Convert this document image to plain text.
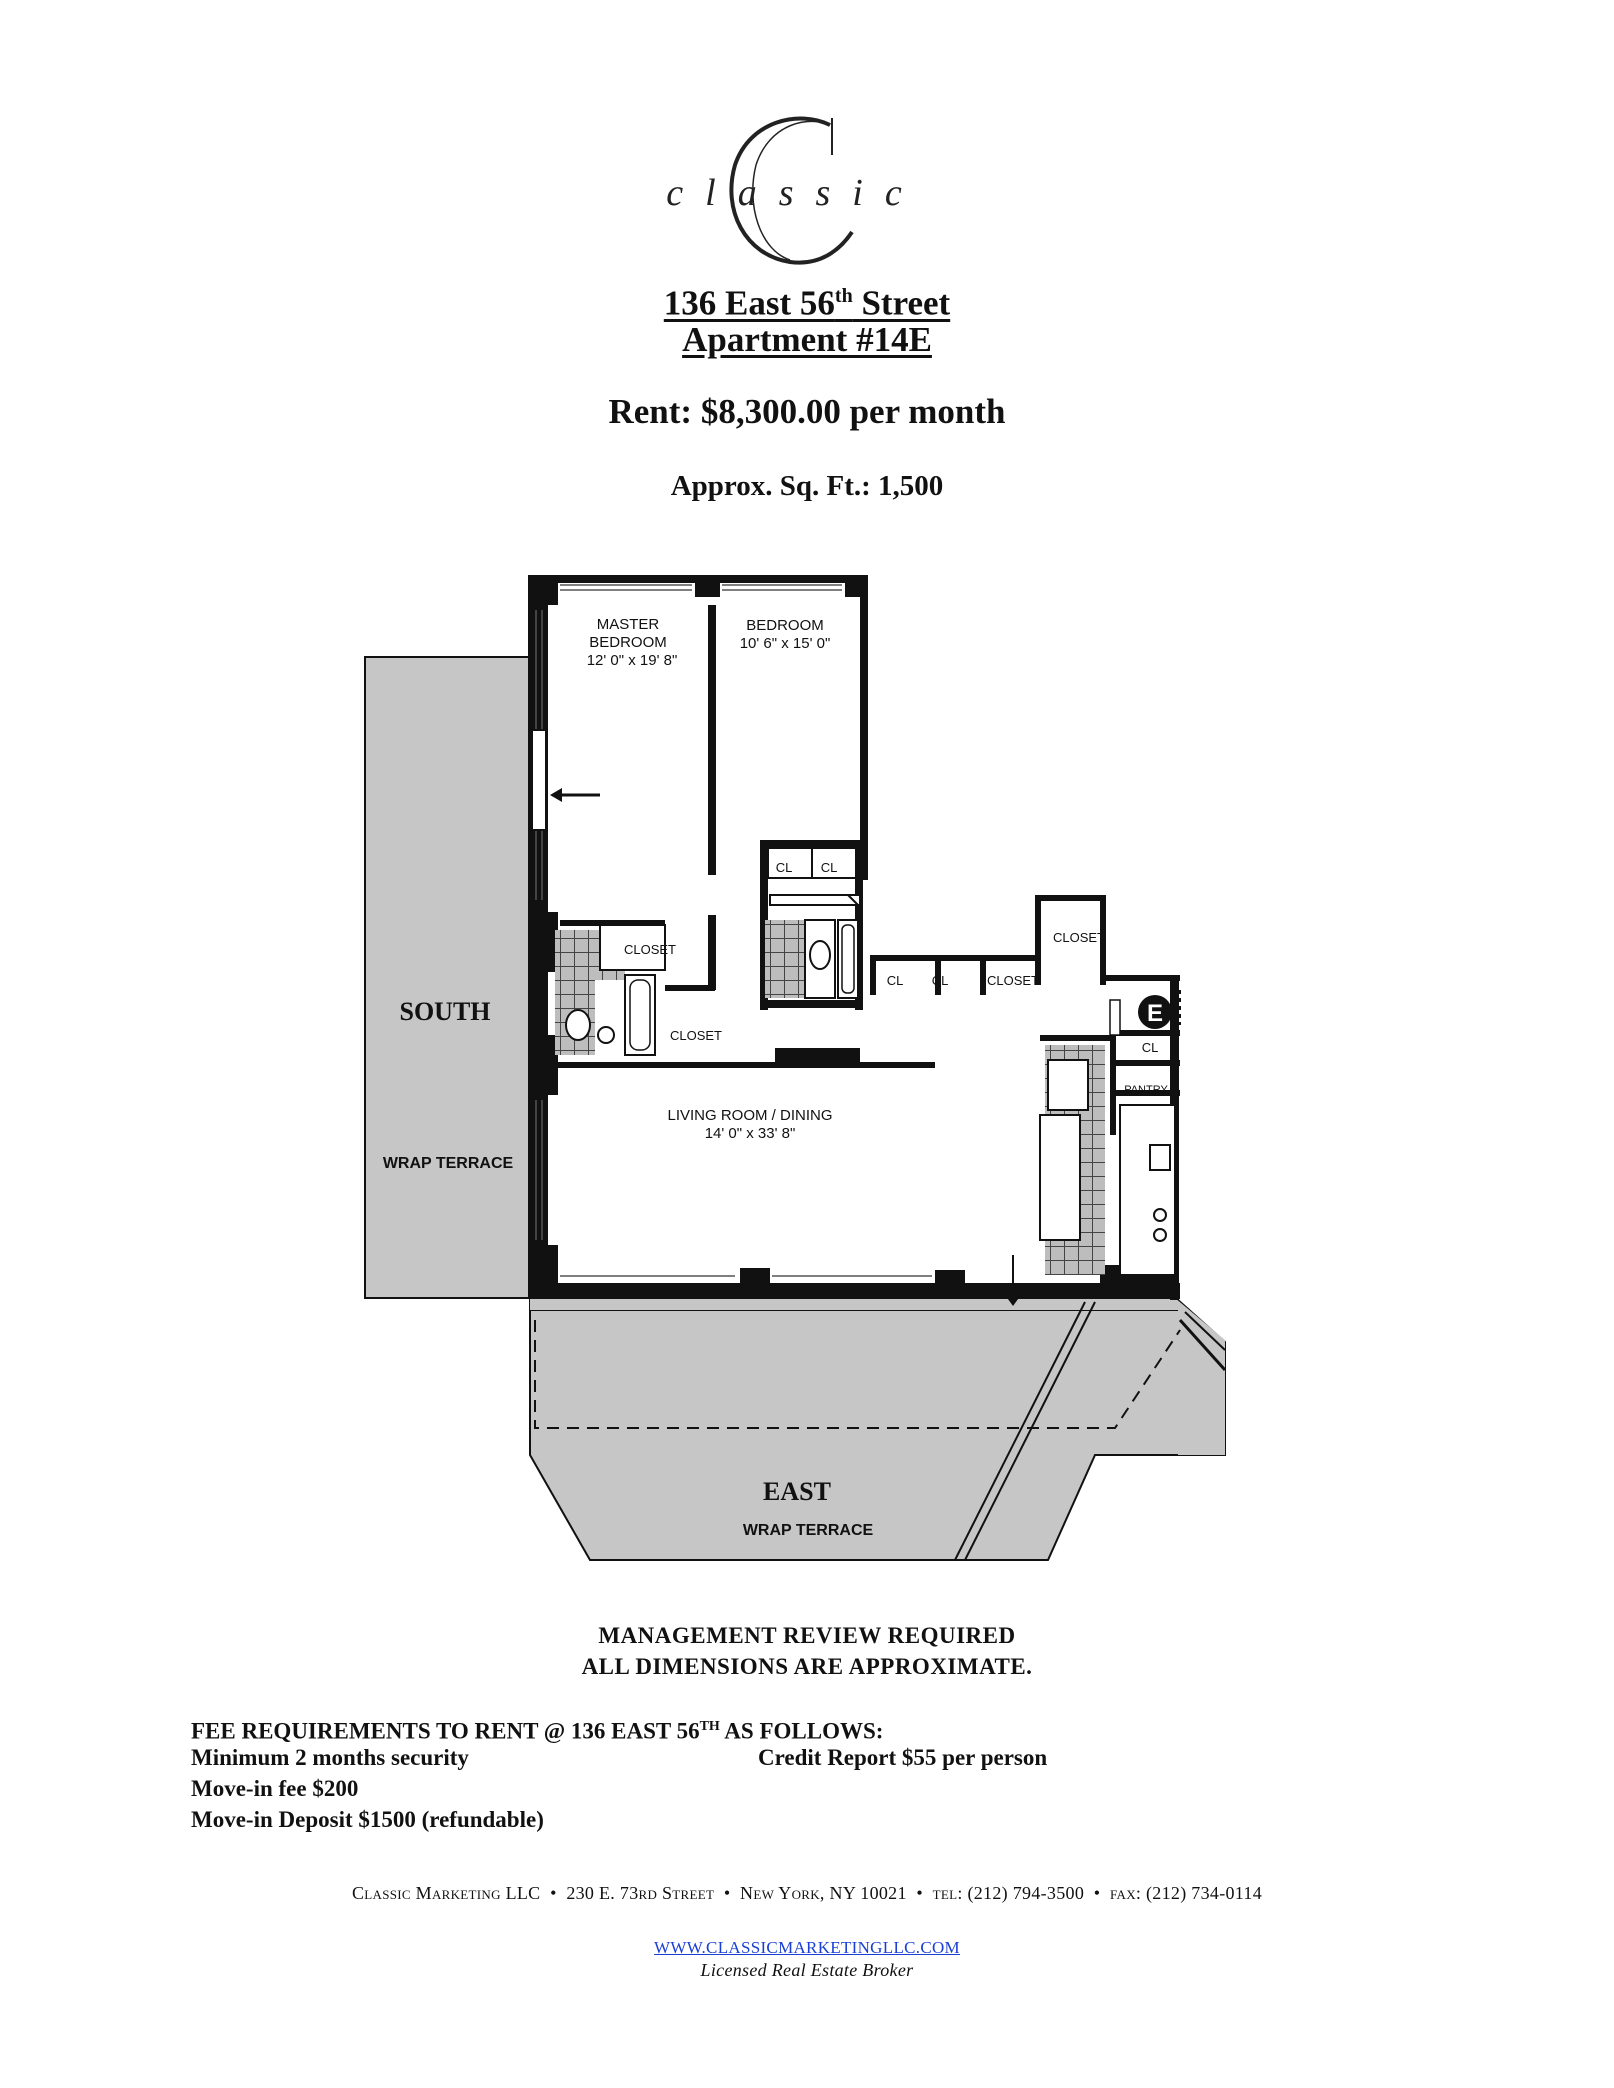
classic
136 East 56th Street
Apartment #14E
Rent: $8,300.00 per month
Approx. Sq. Ft.: 1,500
E
MASTER
BEDROOM
12' 0" x 19' 8"
BEDROOM
10' 6" x 15' 0"
LIVING ROOM / DINING
14' 0" x 33' 8"
CLOSET
CLOSET
CLOSET
CLOSET
CL CL
CL CL
CL
PANTRY
SOUTH
WRAP TERRACE
EAST
WRAP TERRACE
MANAGEMENT REVIEW REQUIRED
ALL DIMENSIONS ARE APPROXIMATE.
FEE REQUIREMENTS TO RENT @ 136 EAST 56TH AS FOLLOWS:
Minimum 2 months security	Credit Report $55 per person
Move-in fee $200
Move-in Deposit $1500 (refundable)
Classic Marketing LLC • 230 E. 73rd Street • New York, NY 10021 • tel: (212) 794-3500 • fax: (212) 734-0114
WWW.CLASSICMARKETINGLLC.COM
Licensed Real Estate Broker
